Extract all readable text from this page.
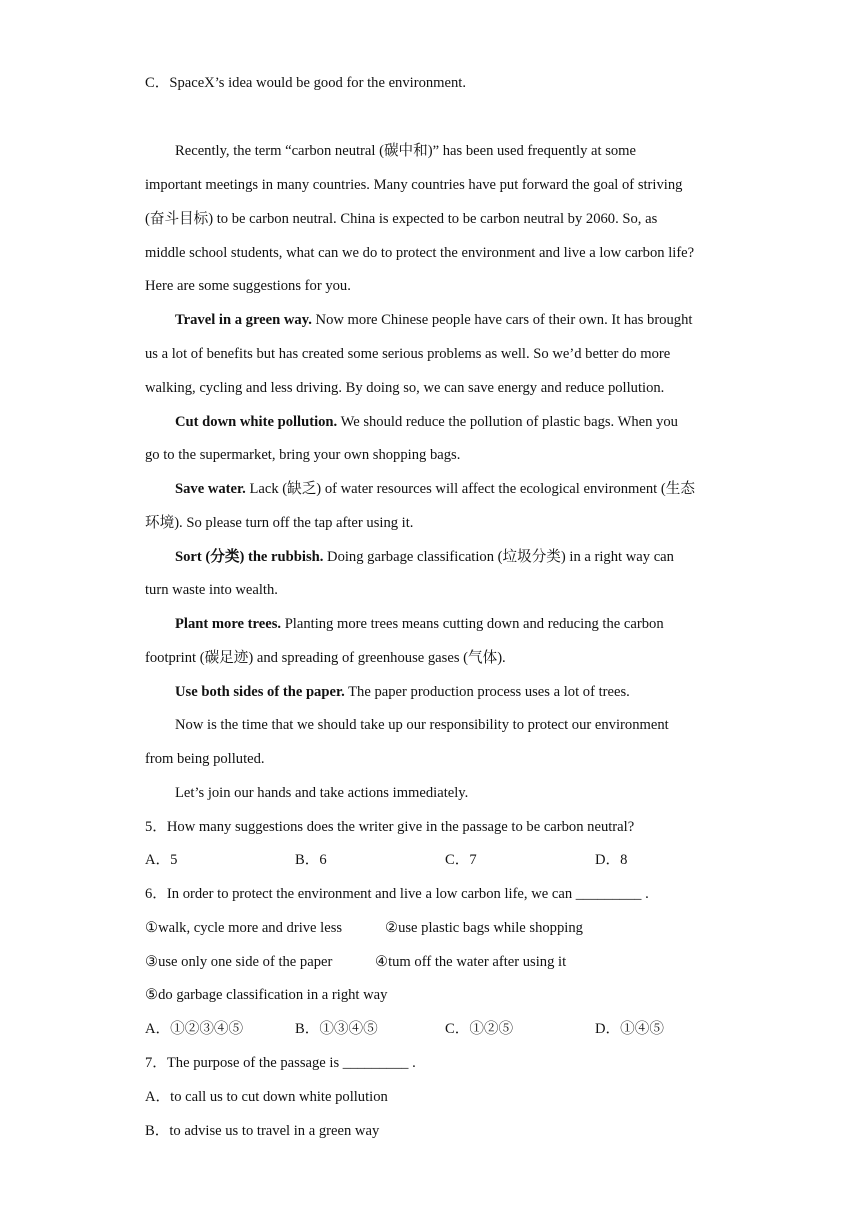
C．SpaceX’s idea would be good for the environment.
Recently, the term “carbon neutral (碳中和)” has been used frequently at some
important meetings in many countries. Many countries have put forward the goal of striving
(奋斗目标) to be carbon neutral. China is expected to be carbon neutral by 2060. So, as
middle school students, what can we do to protect the environment and live a low carbon life?
Here are some suggestions for you.
Travel in a green way. Now more Chinese people have cars of their own. It has brought
us a lot of benefits but has created some serious problems as well. So we’d better do more
walking, cycling and less driving. By doing so, we can save energy and reduce pollution.
Cut down white pollution. We should reduce the pollution of plastic bags. When you
go to the supermarket, bring your own shopping bags.
Save water. Lack (缺乏) of water resources will affect the ecological environment (生态
环境). So please turn off the tap after using it.
Sort (分类) the rubbish. Doing garbage classification (垃圾分类) in a right way can
turn waste into wealth.
Plant more trees. Planting more trees means cutting down and reducing the carbon
footprint (碳足迹) and spreading of greenhouse gases (气体).
Use both sides of the paper. The paper production process uses a lot of trees.
Now is the time that we should take up our responsibility to protect our environment
from being polluted.
Let’s join our hands and take actions immediately.
5．How many suggestions does the writer give in the passage to be carbon neutral?
A．5	B．6	C．7	D．8
6．In order to protect the environment and live a low carbon life, we can _________ .
①walk, cycle more and drive less	②use plastic bags while shopping
③use only one side of the paper	④tum off the water after using it
⑤do garbage classification in a right way
A．①②③④⑤	B．①③④⑤	C．①②⑤	D．①④⑤
7．The purpose of the passage is _________ .
A．to call us to cut down white pollution
B．to advise us to travel in a green way
